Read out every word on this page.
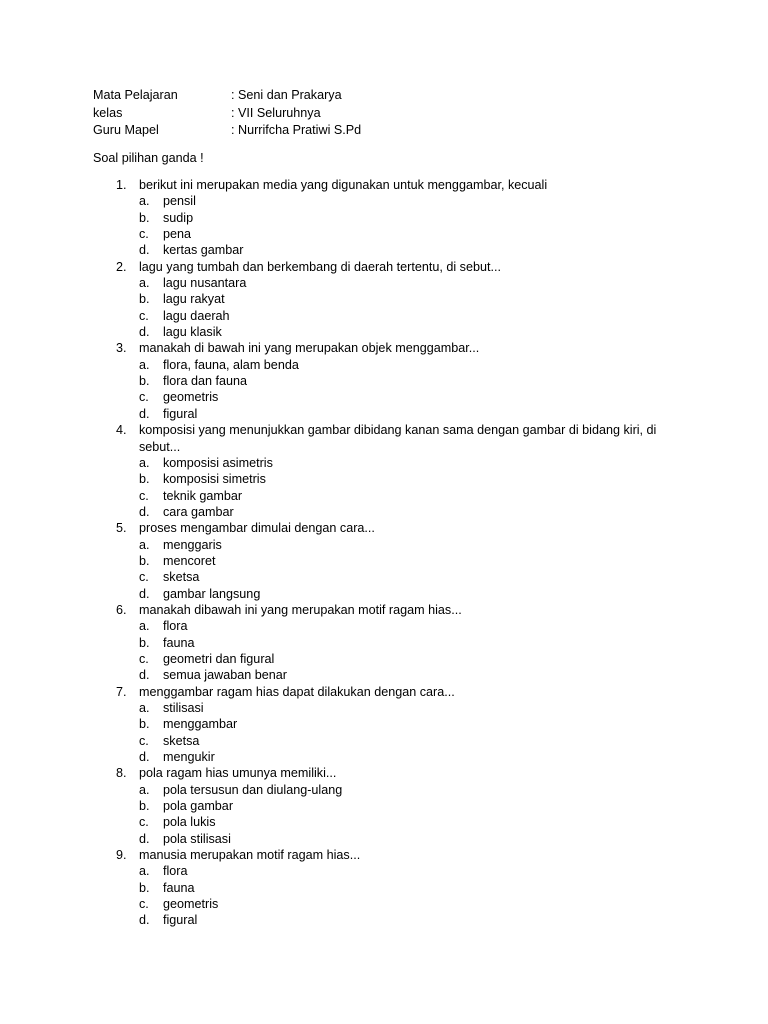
Mata Pelajaran	: Seni dan Prakarya
kelas	: VII Seluruhnya
Guru Mapel	: Nurrifcha Pratiwi S.Pd
Soal pilihan ganda !
1. berikut ini merupakan media yang digunakan untuk menggambar, kecuali
a. pensil
b. sudip
c. pena
d. kertas gambar
2. lagu yang tumbah dan berkembang di daerah tertentu, di sebut...
a. lagu nusantara
b. lagu rakyat
c. lagu daerah
d. lagu klasik
3. manakah di bawah ini yang merupakan objek menggambar...
a. flora, fauna, alam benda
b. flora dan fauna
c. geometris
d. figural
4. komposisi yang menunjukkan gambar dibidang kanan sama dengan gambar di bidang kiri, di sebut...
a. komposisi asimetris
b. komposisi simetris
c. teknik gambar
d. cara gambar
5. proses mengambar dimulai dengan cara...
a. menggaris
b. mencoret
c. sketsa
d. gambar langsung
6. manakah dibawah ini yang merupakan motif ragam hias...
a. flora
b. fauna
c. geometri dan figural
d. semua jawaban benar
7. menggambar ragam hias dapat dilakukan dengan cara...
a. stilisasi
b. menggambar
c. sketsa
d. mengukir
8. pola ragam hias umunya memiliki...
a. pola tersusun dan diulang-ulang
b. pola gambar
c. pola lukis
d. pola stilisasi
9. manusia merupakan motif ragam hias...
a. flora
b. fauna
c. geometris
d. figural
